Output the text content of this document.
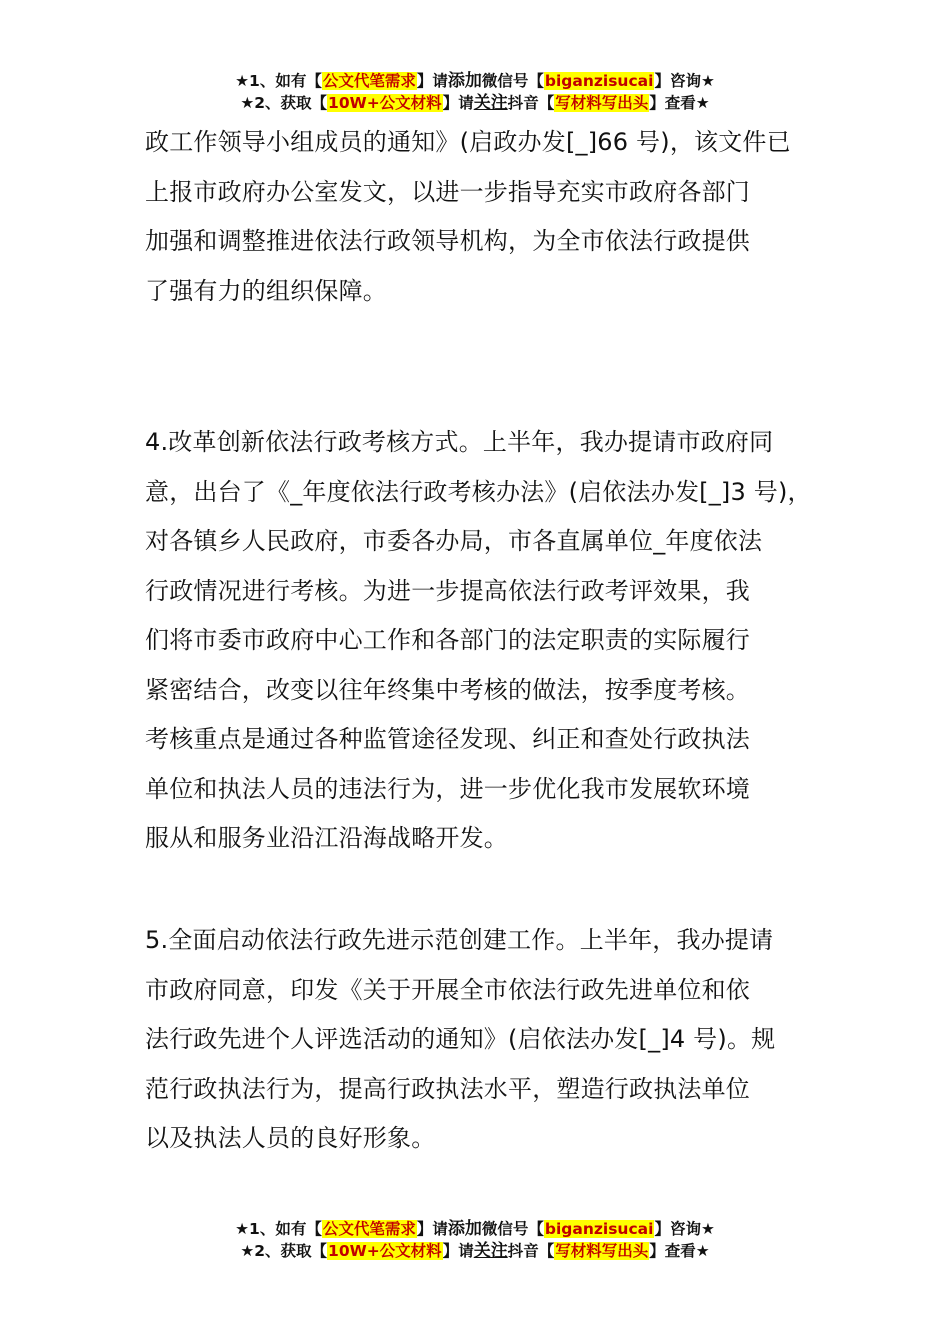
★1、如有【公文代笔需求】请添加微信号【biganzisucai】咨询★
★2、获取【10W+公文材料】请关注抖音【写材料写出头】查看★
政工作领导小组成员的通知》(启政办发[_]66 号)，该文件已
上报市政府办公室发文，以进一步指导充实市政府各部门
加强和调整推进依法行政领导机构，为全市依法行政提供
了强有力的组织保障。
4.改革创新依法行政考核方式。上半年，我办提请市政府同
意，出台了《_年度依法行政考核办法》(启依法办发[_]3 号)，
对各镇乡人民政府，市委各办局，市各直属单位_年度依法
行政情况进行考核。为进一步提高依法行政考评效果，我
们将市委市政府中心工作和各部门的法定职责的实际履行
紧密结合，改变以往年终集中考核的做法，按季度考核。
考核重点是通过各种监管途径发现、纠正和查处行政执法
单位和执法人员的违法行为，进一步优化我市发展软环境
服从和服务业沿江沿海战略开发。
5.全面启动依法行政先进示范创建工作。上半年，我办提请
市政府同意，印发《关于开展全市依法行政先进单位和依
法行政先进个人评选活动的通知》(启依法办发[_]4 号)。规
范行政执法行为，提高行政执法水平，塑造行政执法单位
以及执法人员的良好形象。
★1、如有【公文代笔需求】请添加微信号【biganzisucai】咨询★
★2、获取【10W+公文材料】请关注抖音【写材料写出头】查看★
